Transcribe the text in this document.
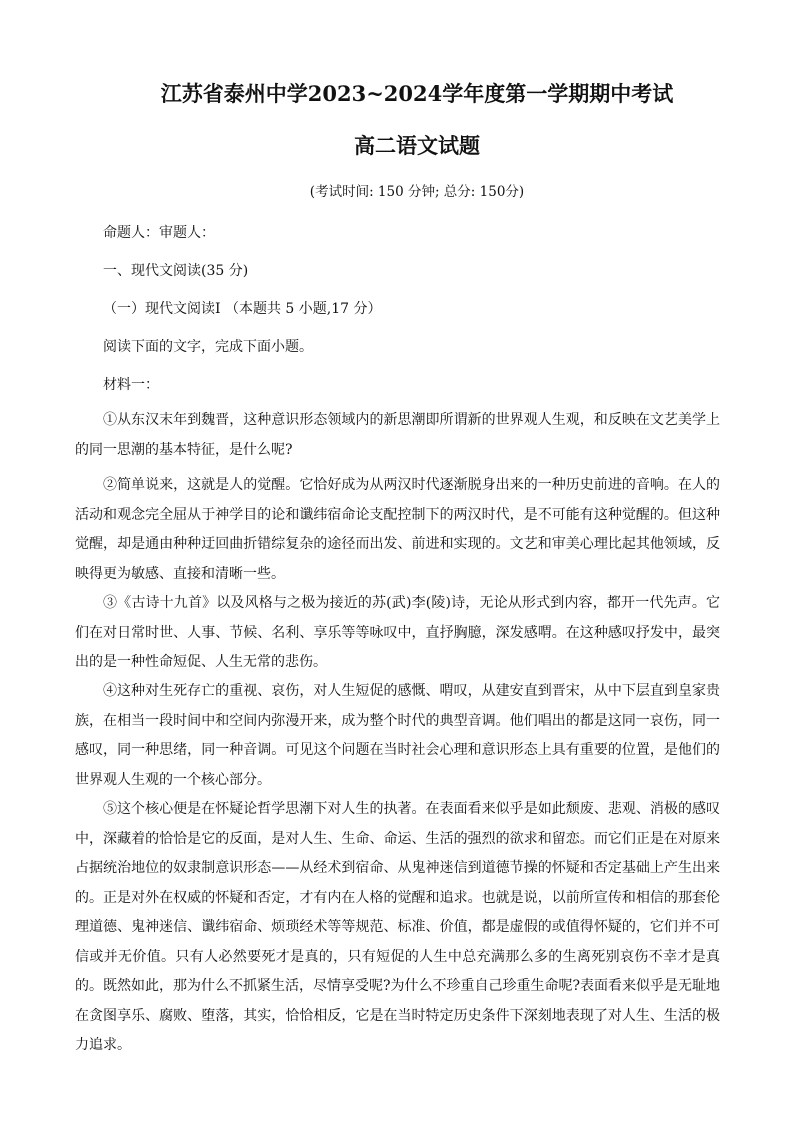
江苏省泰州中学2023~2024学年度第一学期期中考试
高二语文试题
(考试时间: 150 分钟; 总分: 150分)
命题人：审题人：
一、现代文阅读(35 分)
（一）现代文阅读Ⅰ （本题共 5 小题,17 分）
阅读下面的文字，完成下面小题。
材料一：

①从东汉末年到魏晋，这种意识形态领域内的新思潮即所谓新的世界观人生观，和反映在文艺美学上的同一思潮的基本特征，是什么呢?

②简单说来，这就是人的觉醒。它恰好成为从两汉时代逐渐脱身出来的一种历史前进的音响。在人的活动和观念完全屈从于神学目的论和谶纬宿命论支配控制下的两汉时代，是不可能有这种觉醒的。但这种觉醒，却是通由种种迂回曲折错综复杂的途径而出发、前进和实现的。文艺和审美心理比起其他领域，反映得更为敏感、直接和清晰一些。

③《古诗十九首》以及风格与之极为接近的苏(武)李(陵)诗，无论从形式到内容，都开一代先声。它们在对日常时世、人事、节候、名利、享乐等等咏叹中，直抒胸臆，深发感喟。在这种感叹抒发中，最突出的是一种性命短促、人生无常的悲伤。

④这种对生死存亡的重视、哀伤，对人生短促的感慨、喟叹，从建安直到晋宋，从中下层直到皇家贵族，在相当一段时间中和空间内弥漫开来，成为整个时代的典型音调。他们唱出的都是这同一哀伤，同一感叹，同一种思绪，同一种音调。可见这个问题在当时社会心理和意识形态上具有重要的位置，是他们的世界观人生观的一个核心部分。

⑤这个核心便是在怀疑论哲学思潮下对人生的执著。在表面看来似乎是如此颓废、悲观、消极的感叹中，深藏着的恰恰是它的反面，是对人生、生命、命运、生活的强烈的欲求和留恋。而它们正是在对原来占据统治地位的奴隶制意识形态——从经术到宿命、从鬼神迷信到道德节操的怀疑和否定基础上产生出来的。正是对外在权威的怀疑和否定，才有内在人格的觉醒和追求。也就是说，以前所宣传和相信的那套伦理道德、鬼神迷信、谶纬宿命、烦琐经术等等规范、标准、价值，都是虚假的或值得怀疑的，它们并不可信或并无价值。只有人必然要死才是真的，只有短促的人生中总充满那么多的生离死别哀伤不幸才是真的。既然如此，那为什么不抓紧生活，尽情享受呢?为什么不珍重自己珍重生命呢?表面看来似乎是无耻地在贪图享乐、腐败、堕落，其实，恰恰相反，它是在当时特定历史条件下深刻地表现了对人生、生活的极力追求。
